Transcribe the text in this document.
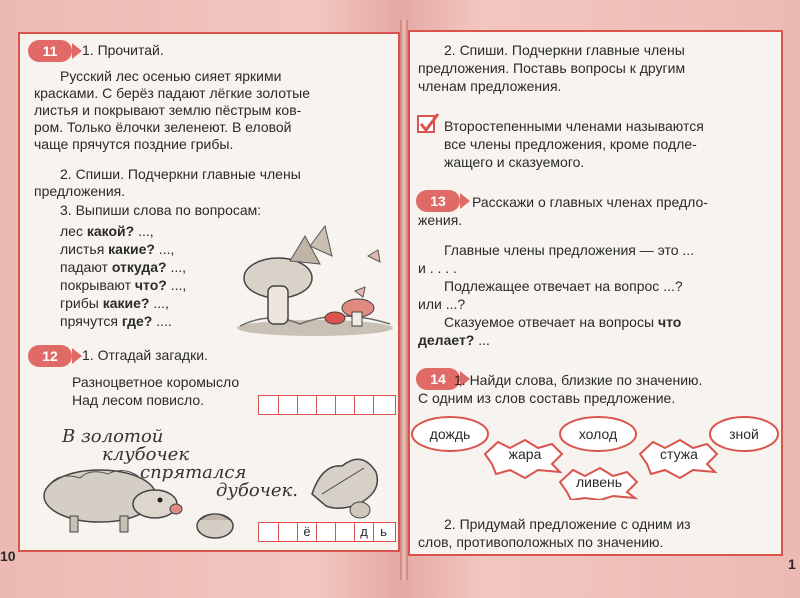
11	1. Прочитай.
Русский лес осенью сияет яркими
красками. С берёз падают лёгкие золотые
листья и покрывают землю пёстрым ков-
ром. Только ёлочки зеленеют. В еловой
чаще прячутся поздние грибы.
2. Спиши. Подчеркни главные члены
предложения.
3. Выпиши слова по вопросам:
лес какой? ...,
листья какие? ...,
падают откуда? ...,
покрывают что? ...,
грибы какие? ...,
прячутся где? ....
12	1. Отгадай загадки.
Разноцветное коромысло
Над лесом повисло.
В золотой
клубочек
спрятался
дубочек.
ё	д ь
10
2. Спиши. Подчеркни главные члены
предложения. Поставь вопросы к другим
членам предложения.
Второстепенными членами называются
все члены предложения, кроме подле-
жащего и сказуемого.
13	Расскажи о главных членах предло-
жения.
Главные члены предложения — это ...
и . . . .
Подлежащее отвечает на вопрос ...?
или ...?
Сказуемое отвечает на вопросы что
делает? ...
14 1. Найди слова, близкие по значению.
С одним из слов составь предложение.
дождь	холод	зной
жара	стужа
ливень
2. Придумай предложение с одним из
слов, противоположных по значению.
1
